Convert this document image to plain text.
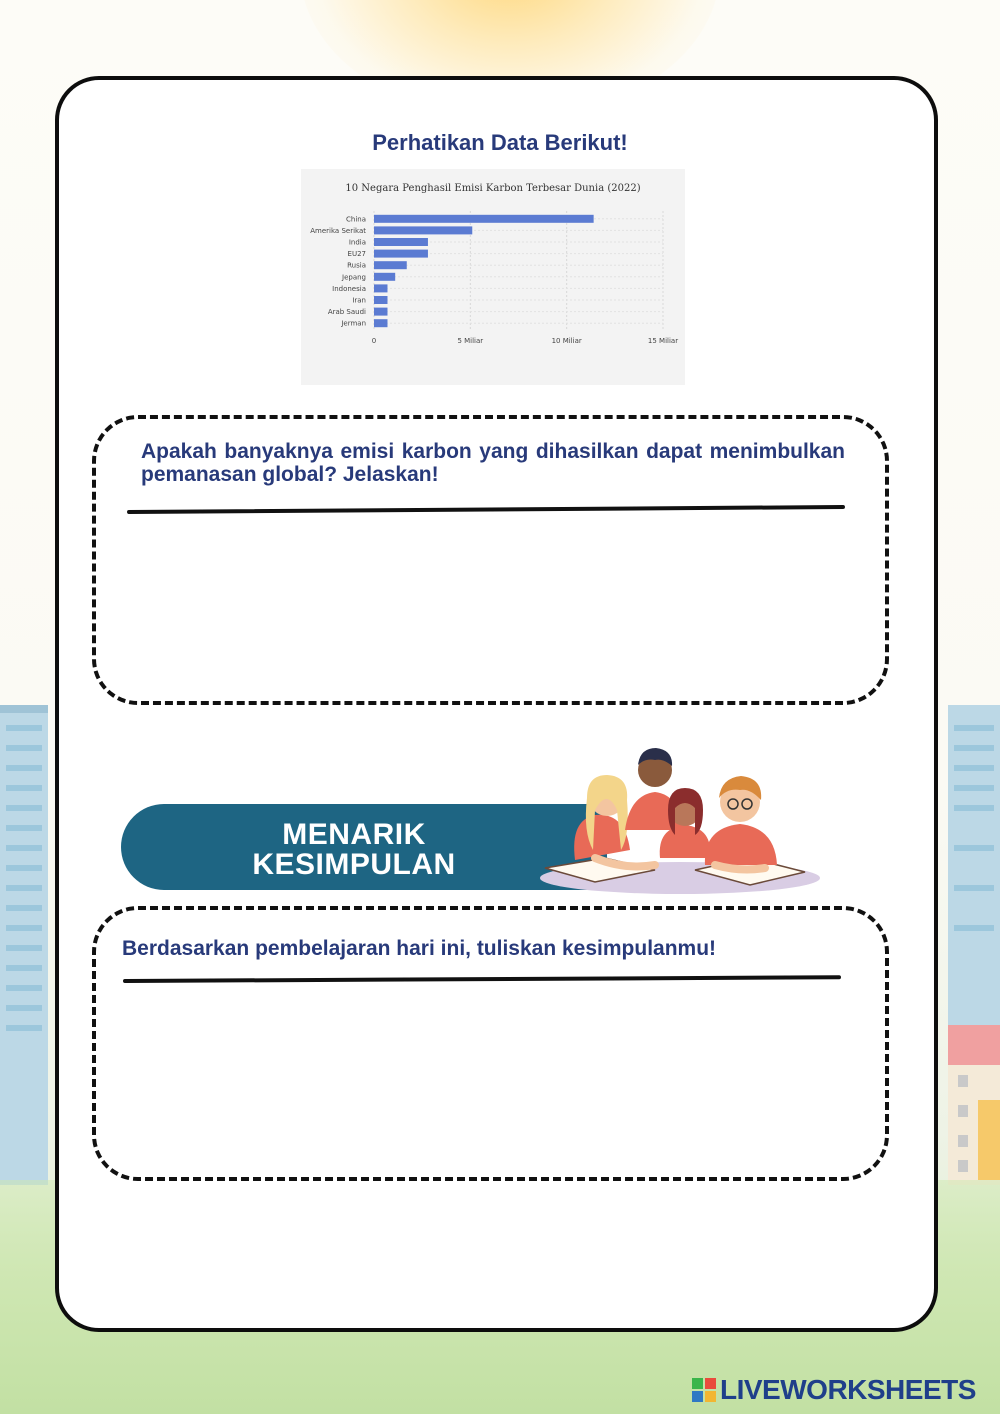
Perhatikan Data Berikut!
10 Negara Penghasil Emisi Karbon Terbesar Dunia (2022)
0	5 Miliar	10 Miliar	15 Miliar
China
Amerika Serikat
India
EU27
Rusia
Jepang
Indonesia
Iran
Arab Saudi
Jerman
Apakah banyaknya emisi karbon yang dihasilkan dapat menimbulkan pemanasan global? Jelaskan!
MENARIK
KESIMPULAN
Berdasarkan pembelajaran hari ini, tuliskan kesimpulanmu!
LIVEWORKSHEETS
